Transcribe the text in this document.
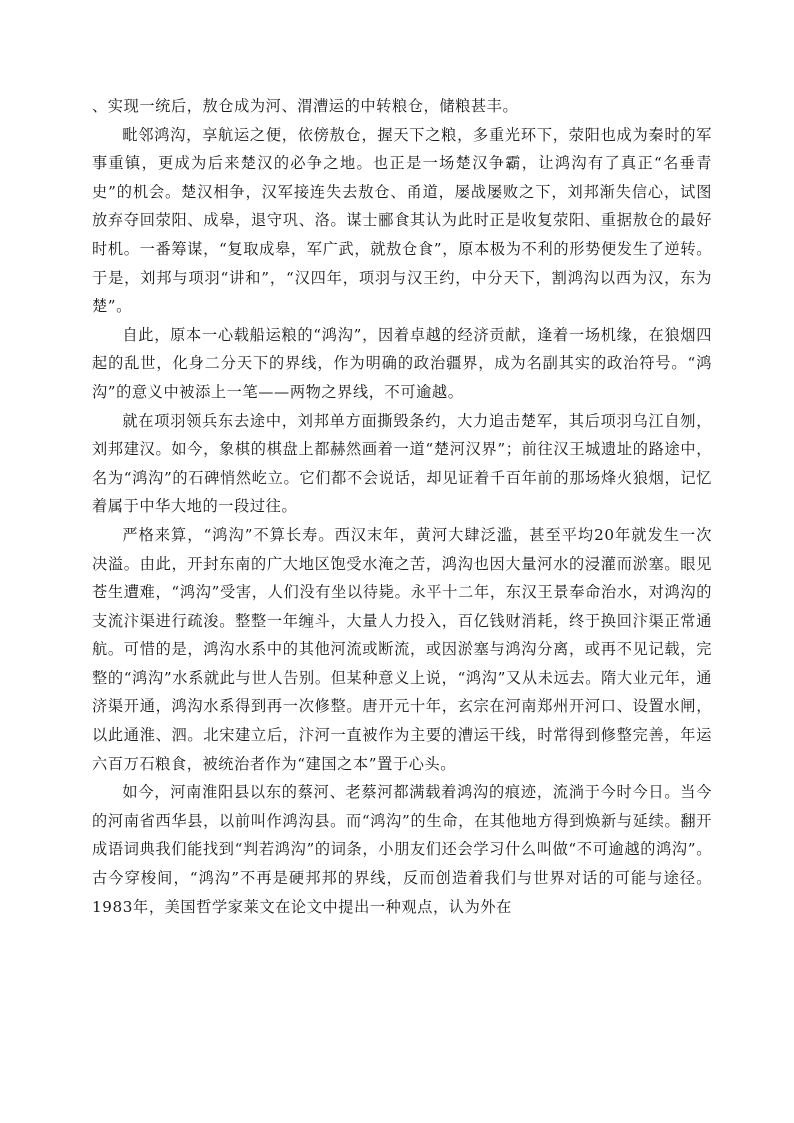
、实现一统后，敖仓成为河、渭漕运的中转粮仓，储粮甚丰。

毗邻鸿沟，享航运之便，依傍敖仓，握天下之粮，多重光环下，荥阳也成为秦时的军事重镇，更成为后来楚汉的必争之地。也正是一场楚汉争霸，让鸿沟有了真正“名垂青史”的机会。楚汉相争，汉军接连失去敖仓、甬道，屡战屡败之下，刘邦渐失信心，试图放弃夺回荥阳、成皋，退守巩、洛。谋士郦食其认为此时正是收复荥阳、重据敖仓的最好时机。一番筹谋，“复取成皋，军广武，就敖仓食”，原本极为不利的形势便发生了逆转。于是，刘邦与项羽“讲和”，“汉四年，项羽与汉王约，中分天下，割鸿沟以西为汉，东为楚”。

自此，原本一心载船运粮的“鸿沟”，因着卓越的经济贡献，逢着一场机缘，在狼烟四起的乱世，化身二分天下的界线，作为明确的政治疆界，成为名副其实的政治符号。“鸿沟”的意义中被添上一笔——两物之界线，不可逾越。

就在项羽领兵东去途中，刘邦单方面撕毁条约，大力追击楚军，其后项羽乌江自刎，刘邦建汉。如今，象棋的棋盘上都赫然画着一道“楚河汉界”；前往汉王城遗址的路途中，名为“鸿沟”的石碑悄然屹立。它们都不会说话，却见证着千百年前的那场烽火狼烟，记忆着属于中华大地的一段过往。

严格来算，“鸿沟”不算长寿。西汉末年，黄河大肆泛滥，甚至平均20年就发生一次决溢。由此，开封东南的广大地区饱受水淹之苦，鸿沟也因大量河水的浸灌而淤塞。眼见苍生遭难，“鸿沟”受害，人们没有坐以待毙。永平十二年，东汉王景奉命治水，对鸿沟的支流汴渠进行疏浚。整整一年缠斗，大量人力投入，百亿钱财消耗，终于换回汴渠正常通航。可惜的是，鸿沟水系中的其他河流或断流，或因淤塞与鸿沟分离，或再不见记载，完整的“鸿沟”水系就此与世人告别。但某种意义上说，“鸿沟”又从未远去。隋大业元年，通济渠开通，鸿沟水系得到再一次修整。唐开元十年，玄宗在河南郑州开河口、设置水闸，以此通淮、泗。北宋建立后，汴河一直被作为主要的漕运干线，时常得到修整完善，年运六百万石粮食，被统治者作为“建国之本”置于心头。

如今，河南淮阳县以东的蔡河、老蔡河都满载着鸿沟的痕迹，流淌于今时今日。当今的河南省西华县，以前叫作鸿沟县。而“鸿沟”的生命，在其他地方得到焕新与延续。翻开成语词典我们能找到“判若鸿沟”的词条，小朋友们还会学习什么叫做“不可逾越的鸿沟”。古今穿梭间，“鸿沟”不再是硬邦邦的界线，反而创造着我们与世界对话的可能与途径。1983年，美国哲学家莱文在论文中提出一种观点，认为外在
